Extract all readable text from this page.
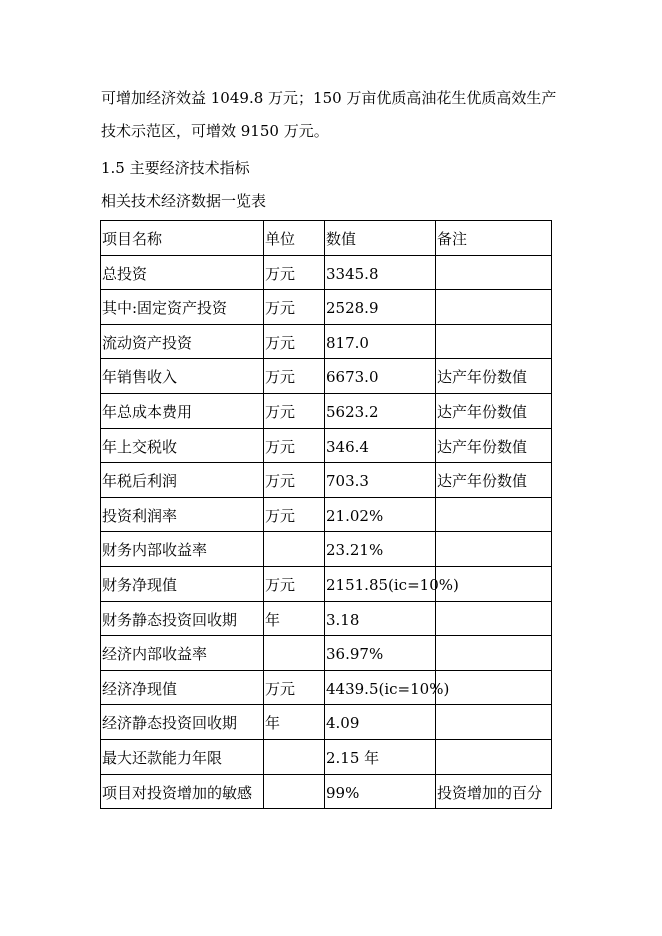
可增加经济效益 1049.8 万元；150 万亩优质高油花生优质高效生产
技术示范区，可增效 9150 万元。
1.5 主要经济技术指标
相关技术经济数据一览表
项目名称	单位	数值	备注
总投资	万元	3345.8	
其中:固定资产投资	万元	2528.9	
流动资产投资	万元	817.0	
年销售收入	万元	6673.0	达产年份数值
年总成本费用	万元	5623.2	达产年份数值
年上交税收	万元	346.4	达产年份数值
年税后利润	万元	703.3	达产年份数值
投资利润率	万元	21.02%	
财务内部收益率		23.21%	
财务净现值	万元	2151.85(ic=10%)	
财务静态投资回收期	年	3.18	
经济内部收益率		36.97%	
经济净现值	万元	4439.5(ic=10%)	
经济静态投资回收期	年	4.09	
最大还款能力年限		2.15 年	
项目对投资增加的敏感		99%	投资增加的百分
